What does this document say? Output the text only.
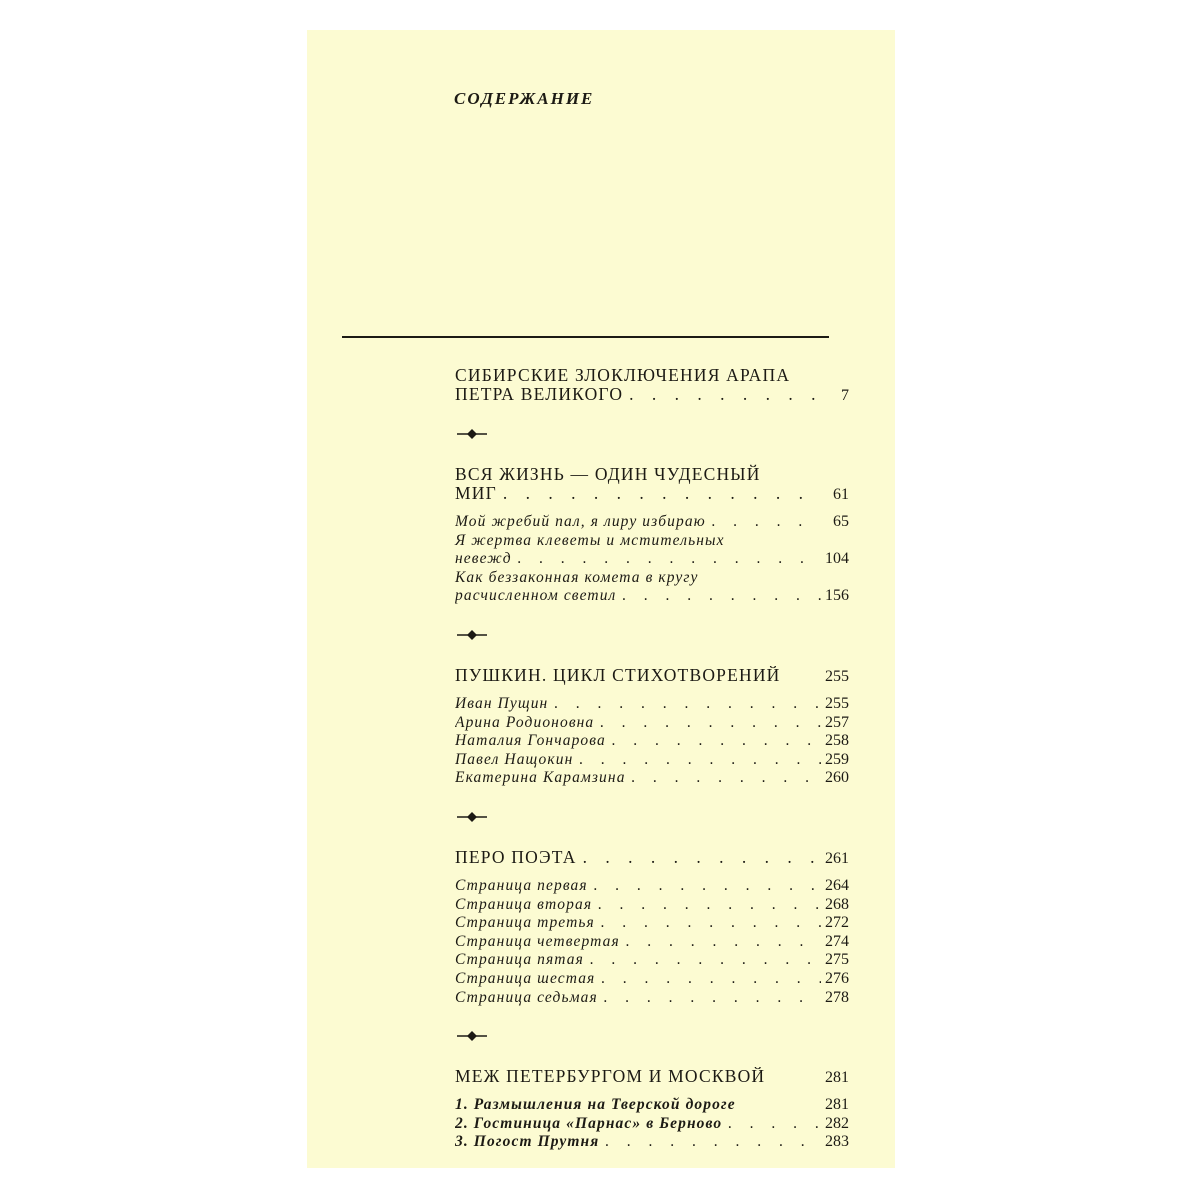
СОДЕРЖАНИЕ
СИБИРСКИЕ ЗЛОКЛЮЧЕНИЯ АРАПА
ПЕТРА ВЕЛИКОГО . . .	7
ВСЯ ЖИЗНЬ — ОДИН ЧУДЕСНЫЙ
МИГ . . .	61
Мой жребий пал, я лиру избираю . . .	65
Я жертва клеветы и мстительных
невежд . . .	104
Как беззаконная комета в кругу
расчисленном светил . . .	156
ПУШКИН. ЦИКЛ СТИХОТВОРЕНИЙ	255
Иван Пущин . . .	255
Арина Родионовна . . .	257
Наталия Гончарова . . .	258
Павел Нащокин . . .	259
Екатерина Карамзина . . .	260
ПЕРО ПОЭТА . . .	261
Страница первая . . .	264
Страница вторая . . .	268
Страница третья . . .	272
Страница четвертая . . .	274
Страница пятая . . .	275
Страница шестая . . .	276
Страница седьмая . . .	278
МЕЖ ПЕТЕРБУРГОМ И МОСКВОЙ	281
1. Размышления на Тверской дороге	281
2. Гостиница «Парнас» в Берново . . .	282
3. Погост Прутня . . .	283
